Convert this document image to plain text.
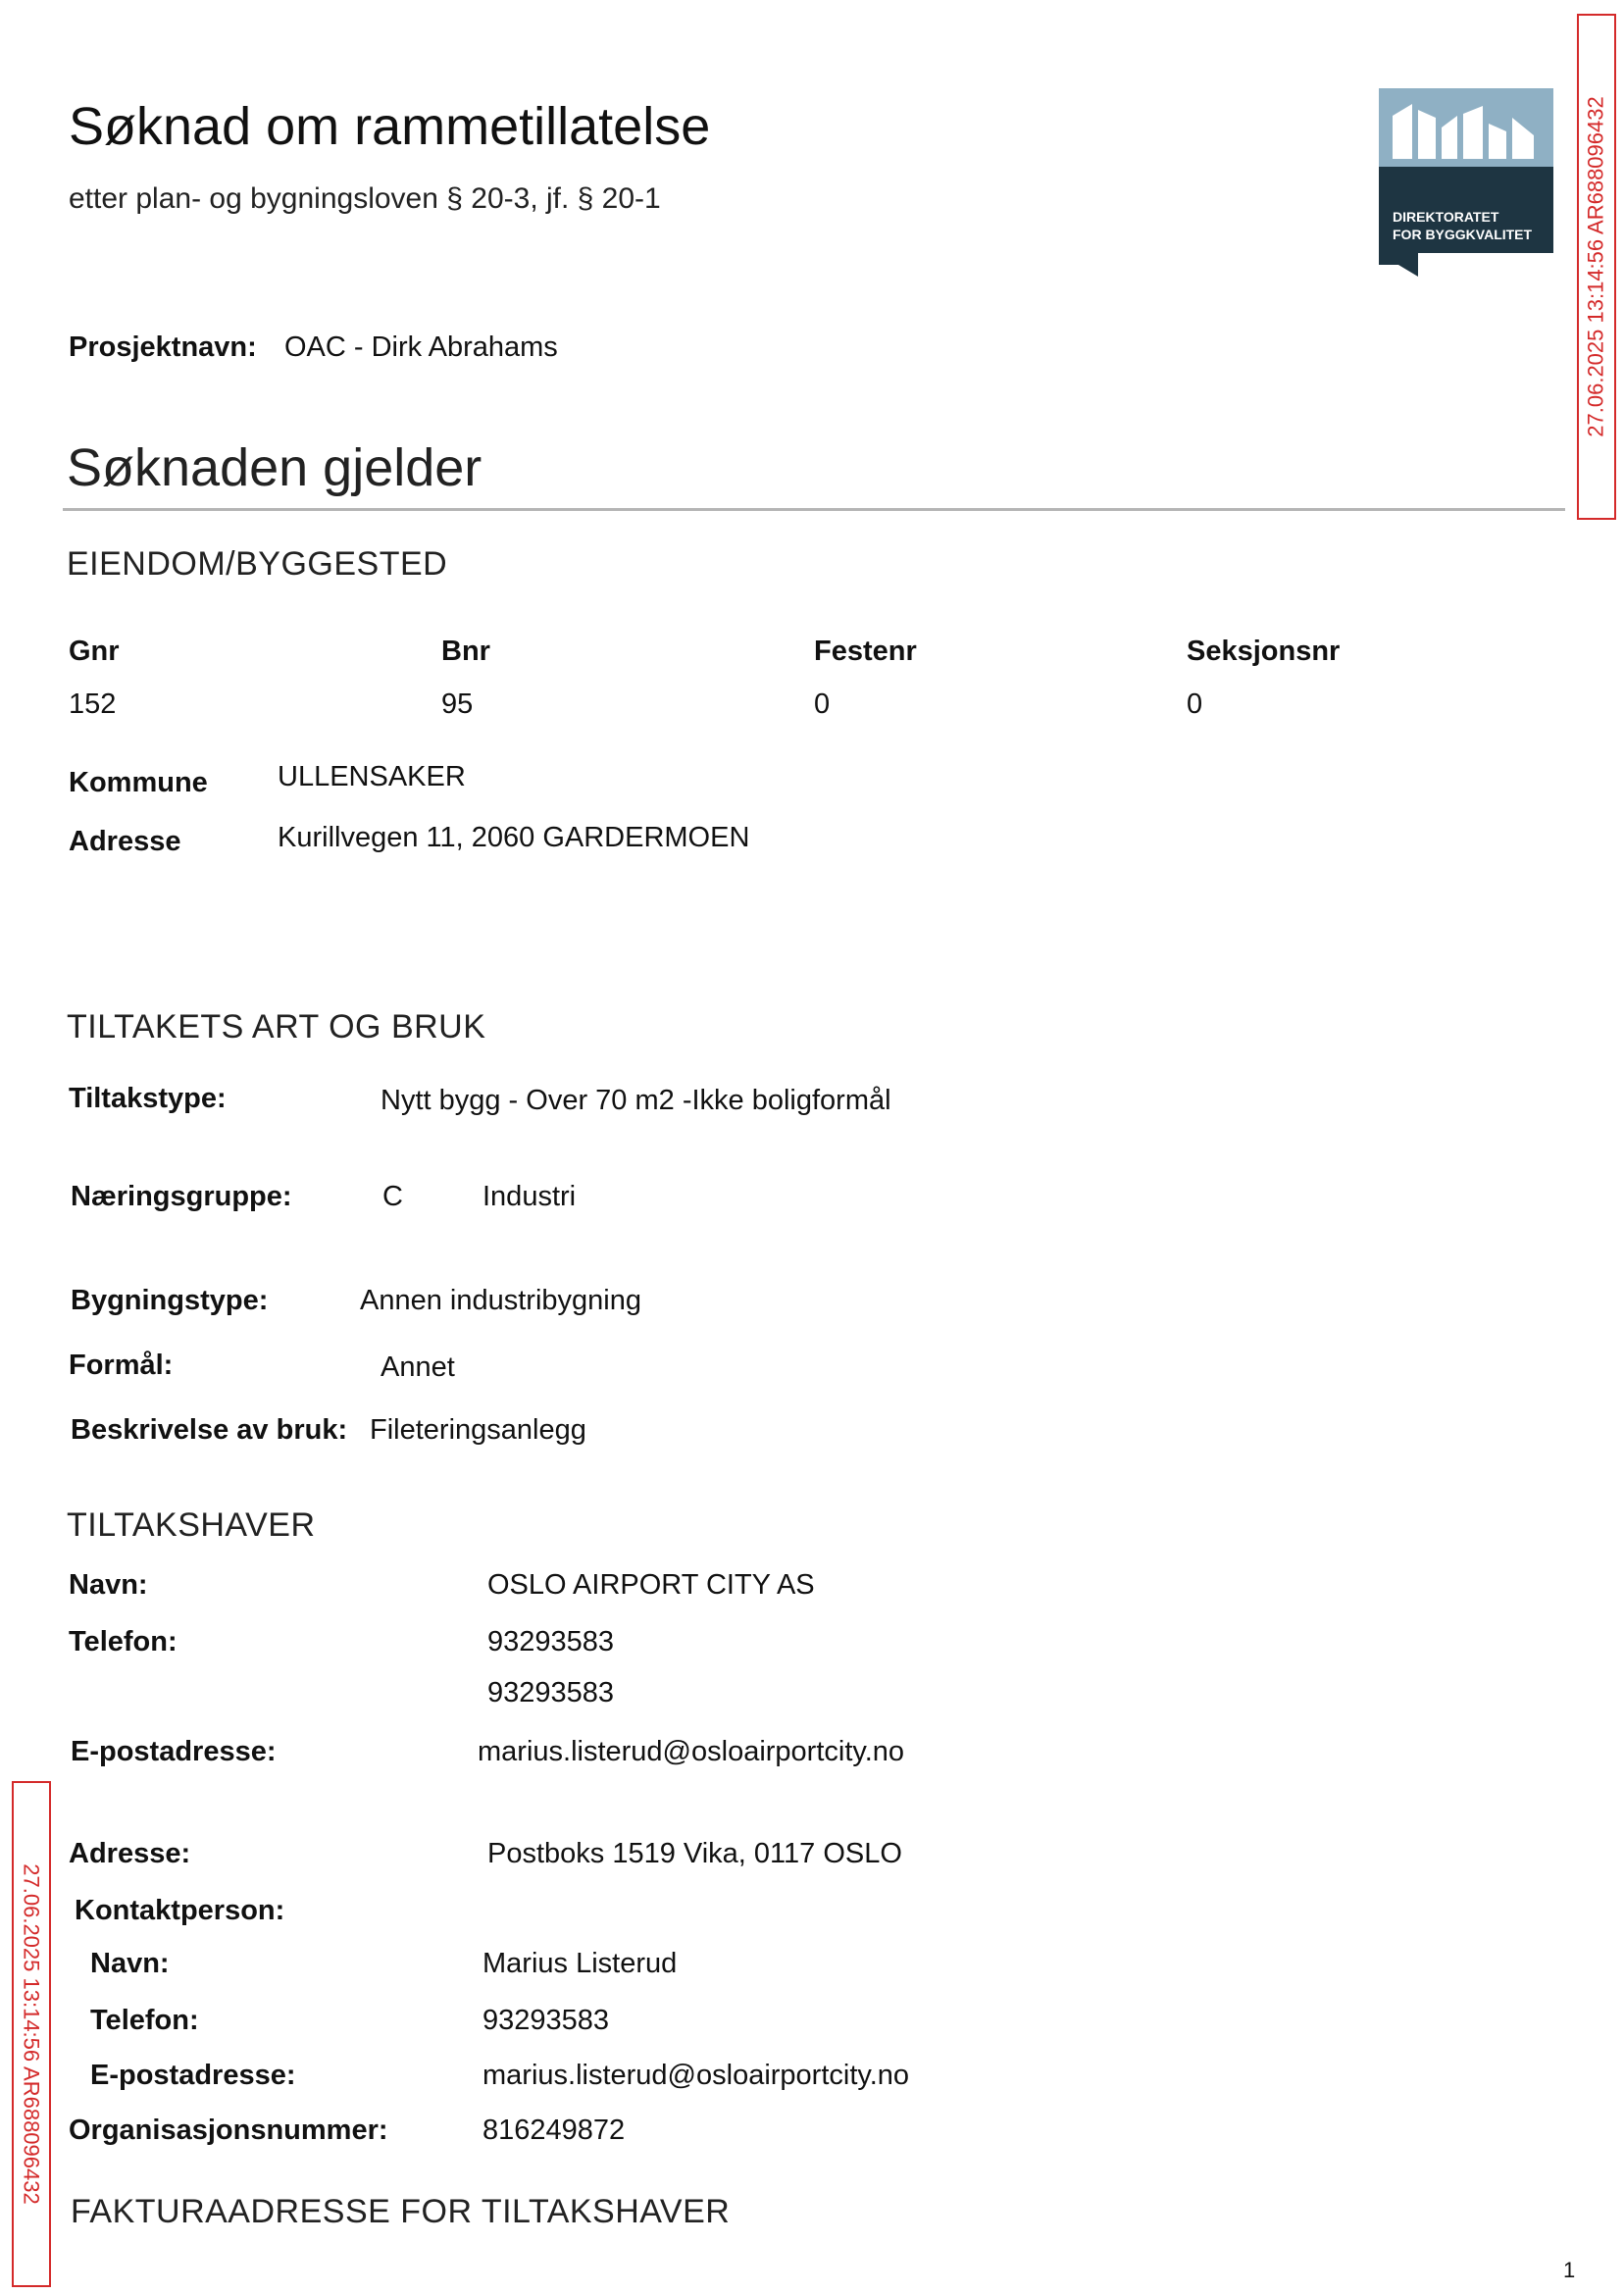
Søknad om rammetillatelse
etter plan- og bygningsloven § 20-3, jf. § 20-1
DIREKTORATET
FOR BYGGKVALITET 27.06.2025 13:14:56 AR688096432
27.06.2025 13:14:56 AR688096432
Prosjektnavn: OAC - Dirk Abrahams
Søknaden gjelder
EIENDOM/BYGGESTED
Gnr	Bnr	Festenr	Seksjonsnr
152	95	0	0
Kommune ULLENSAKER
Adresse	Kurillvegen 11, 2060 GARDERMOEN
TILTAKETS ART OG BRUK
Tiltakstype:	Nytt bygg - Over 70 m2 -Ikke boligformål
Næringsgruppe:	C	Industri
Bygningstype:	Annen industribygning
Formål:	Annet
Beskrivelse av bruk: Fileteringsanlegg
TILTAKSHAVER
Navn:	OSLO AIRPORT CITY AS
Telefon:	93293583
93293583
E-postadresse:	marius.listerud@osloairportcity.no
Adresse:	Postboks 1519 Vika, 0117 OSLO
Kontaktperson:
Navn:	Marius Listerud
Telefon:	93293583
E-postadresse:	marius.listerud@osloairportcity.no
Organisasjonsnummer:	816249872
FAKTURAADRESSE FOR TILTAKSHAVER
1
